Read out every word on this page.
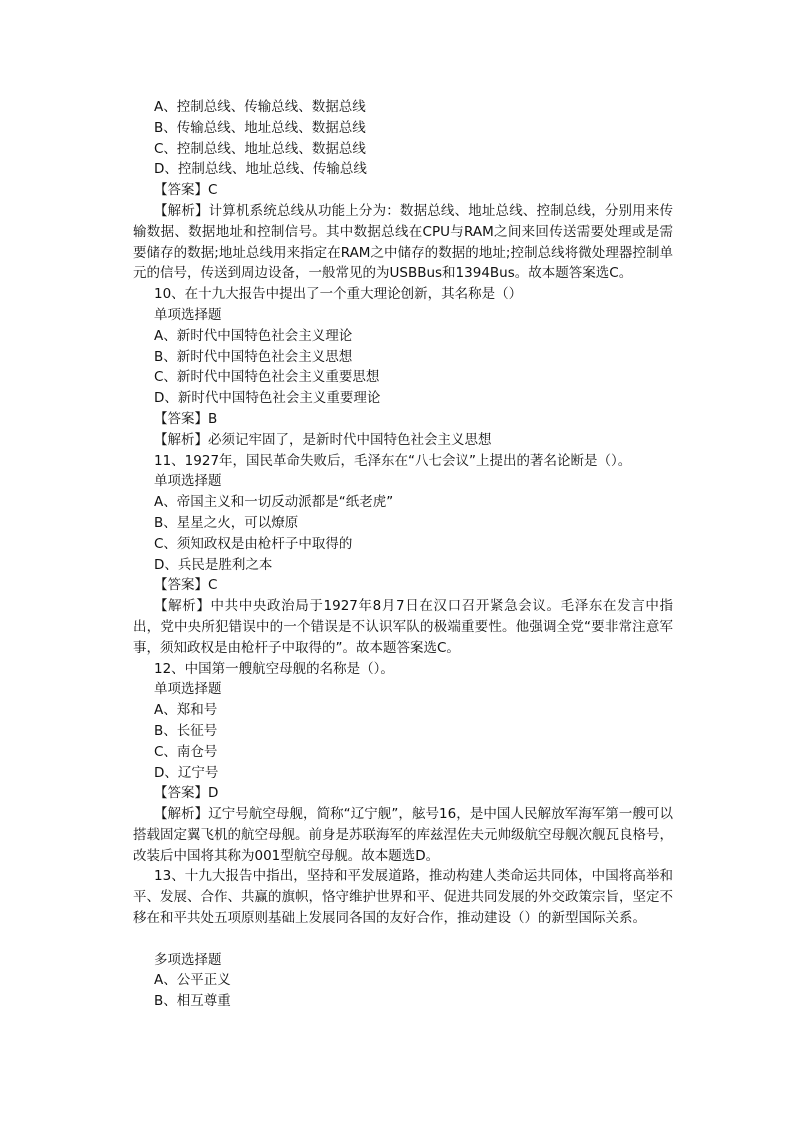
A、控制总线、传输总线、数据总线
B、传输总线、地址总线、数据总线
C、控制总线、地址总线、数据总线
D、控制总线、地址总线、传输总线
【答案】C
【解析】计算机系统总线从功能上分为：数据总线、地址总线、控制总线，分别用来传输数据、数据地址和控制信号。其中数据总线在CPU与RAM之间来回传送需要处理或是需要储存的数据;地址总线用来指定在RAM之中储存的数据的地址;控制总线将微处理器控制单元的信号，传送到周边设备，一般常见的为USBBus和1394Bus。故本题答案选C。
10、在十九大报告中提出了一个重大理论创新，其名称是（）
单项选择题
A、新时代中国特色社会主义理论
B、新时代中国特色社会主义思想
C、新时代中国特色社会主义重要思想
D、新时代中国特色社会主义重要理论
【答案】B
【解析】必须记牢固了，是新时代中国特色社会主义思想
11、1927年，国民革命失败后，毛泽东在“八七会议”上提出的著名论断是（）。
单项选择题
A、帝国主义和一切反动派都是“纸老虎”
B、星星之火，可以燎原
C、须知政权是由枪杆子中取得的
D、兵民是胜利之本
【答案】C
【解析】中共中央政治局于1927年8月7日在汉口召开紧急会议。毛泽东在发言中指出，党中央所犯错误中的一个错误是不认识军队的极端重要性。他强调全党“要非常注意军事，须知政权是由枪杆子中取得的”。故本题答案选C。
12、中国第一艘航空母舰的名称是（）。
单项选择题
A、郑和号
B、长征号
C、南仓号
D、辽宁号
【答案】D
【解析】辽宁号航空母舰，简称“辽宁舰”，舷号16，是中国人民解放军海军第一艘可以搭载固定翼飞机的航空母舰。前身是苏联海军的库兹涅佐夫元帅级航空母舰次舰瓦良格号，改装后中国将其称为001型航空母舰。故本题选D。
13、十九大报告中指出，坚持和平发展道路，推动构建人类命运共同体，中国将高举和平、发展、合作、共赢的旗帜，恪守维护世界和平、促进共同发展的外交政策宗旨，坚定不移在和平共处五项原则基础上发展同各国的友好合作，推动建设（）的新型国际关系。
多项选择题
A、公平正义
B、相互尊重
